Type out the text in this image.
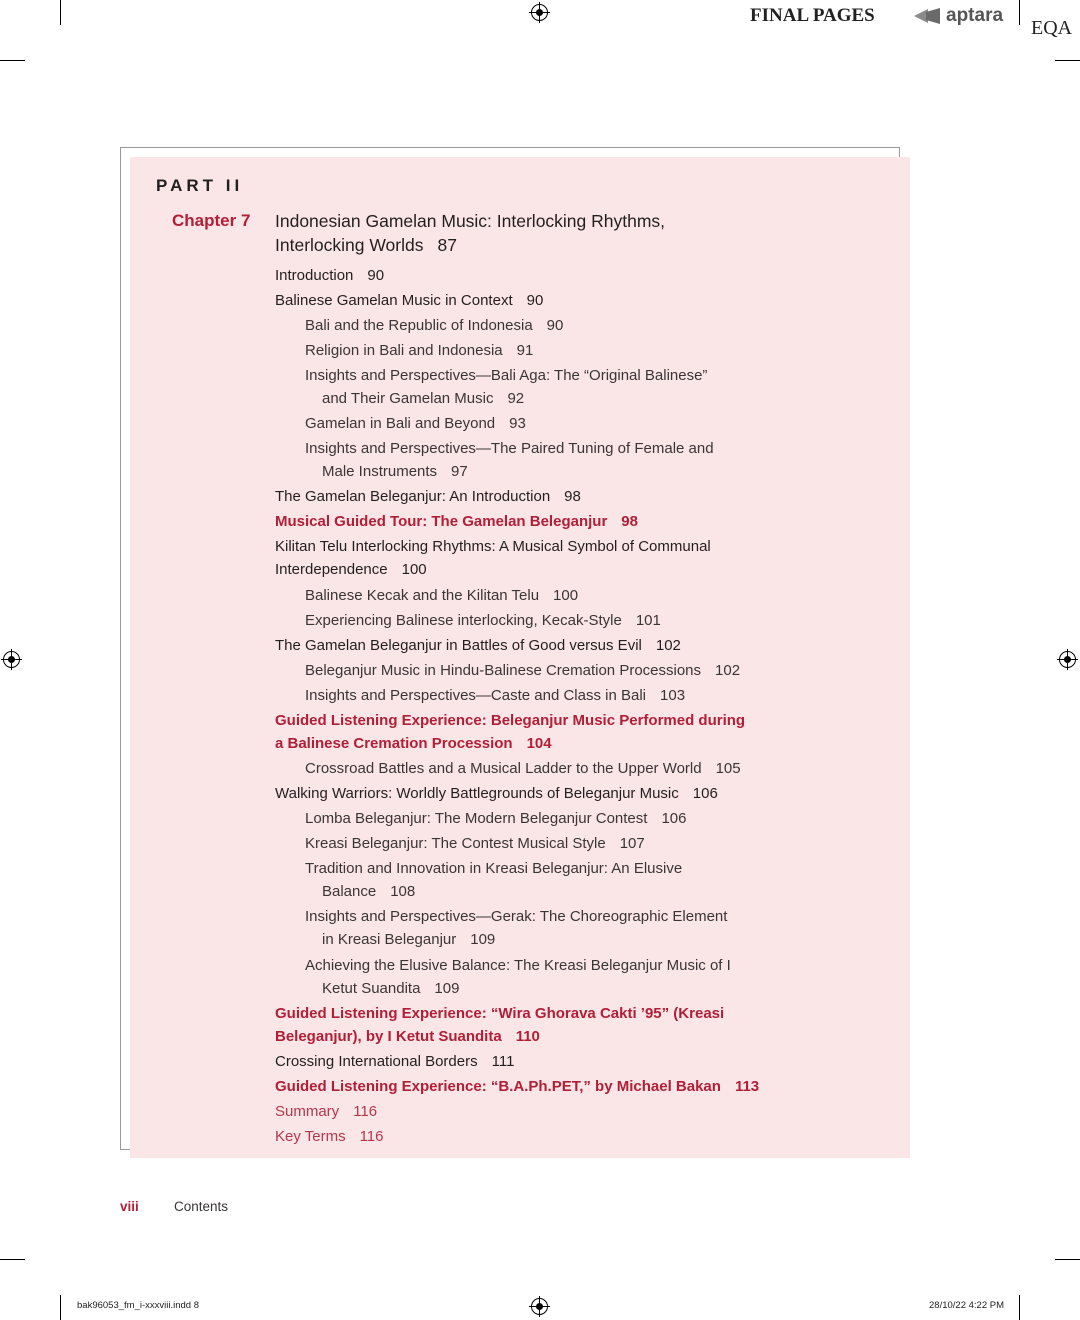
FINAL PAGES	aptara
EQA
PART II
Chapter 7 Indonesian Gamelan Music: Interlocking Rhythms,
Interlocking Worlds 87
Introduction 90
Balinese Gamelan Music in Context 90
Bali and the Republic of Indonesia 90
Religion in Bali and Indonesia 91
Insights and Perspectives—Bali Aga: The “Original Balinese”
and Their Gamelan Music 92
Gamelan in Bali and Beyond 93
Insights and Perspectives—The Paired Tuning of Female and
Male Instruments 97
The Gamelan Beleganjur: An Introduction 98
Musical Guided Tour: The Gamelan Beleganjur 98
Kilitan Telu Interlocking Rhythms: A Musical Symbol of Communal
Interdependence 100
Balinese Kecak and the Kilitan Telu 100
Experiencing Balinese interlocking, Kecak-Style 101
The Gamelan Beleganjur in Battles of Good versus Evil 102
Beleganjur Music in Hindu-Balinese Cremation Processions 102
Insights and Perspectives—Caste and Class in Bali 103
Guided Listening Experience: Beleganjur Music Performed during
a Balinese Cremation Procession 104
Crossroad Battles and a Musical Ladder to the Upper World 105
Walking Warriors: Worldly Battlegrounds of Beleganjur Music 106
Lomba Beleganjur: The Modern Beleganjur Contest 106
Kreasi Beleganjur: The Contest Musical Style 107
Tradition and Innovation in Kreasi Beleganjur: An Elusive
Balance 108
Insights and Perspectives—Gerak: The Choreographic Element
in Kreasi Beleganjur 109
Achieving the Elusive Balance: The Kreasi Beleganjur Music of I
Ketut Suandita 109
Guided Listening Experience: “Wira Ghorava Cakti ’95” (Kreasi
Beleganjur), by I Ketut Suandita 110
Crossing International Borders 111
Guided Listening Experience: “B.A.Ph.PET,” by Michael Bakan 113
Summary 116
Key Terms 116
viii	Contents
bak96053_fm_i-xxxviii.indd 8	28/10/22 4:22 PM
